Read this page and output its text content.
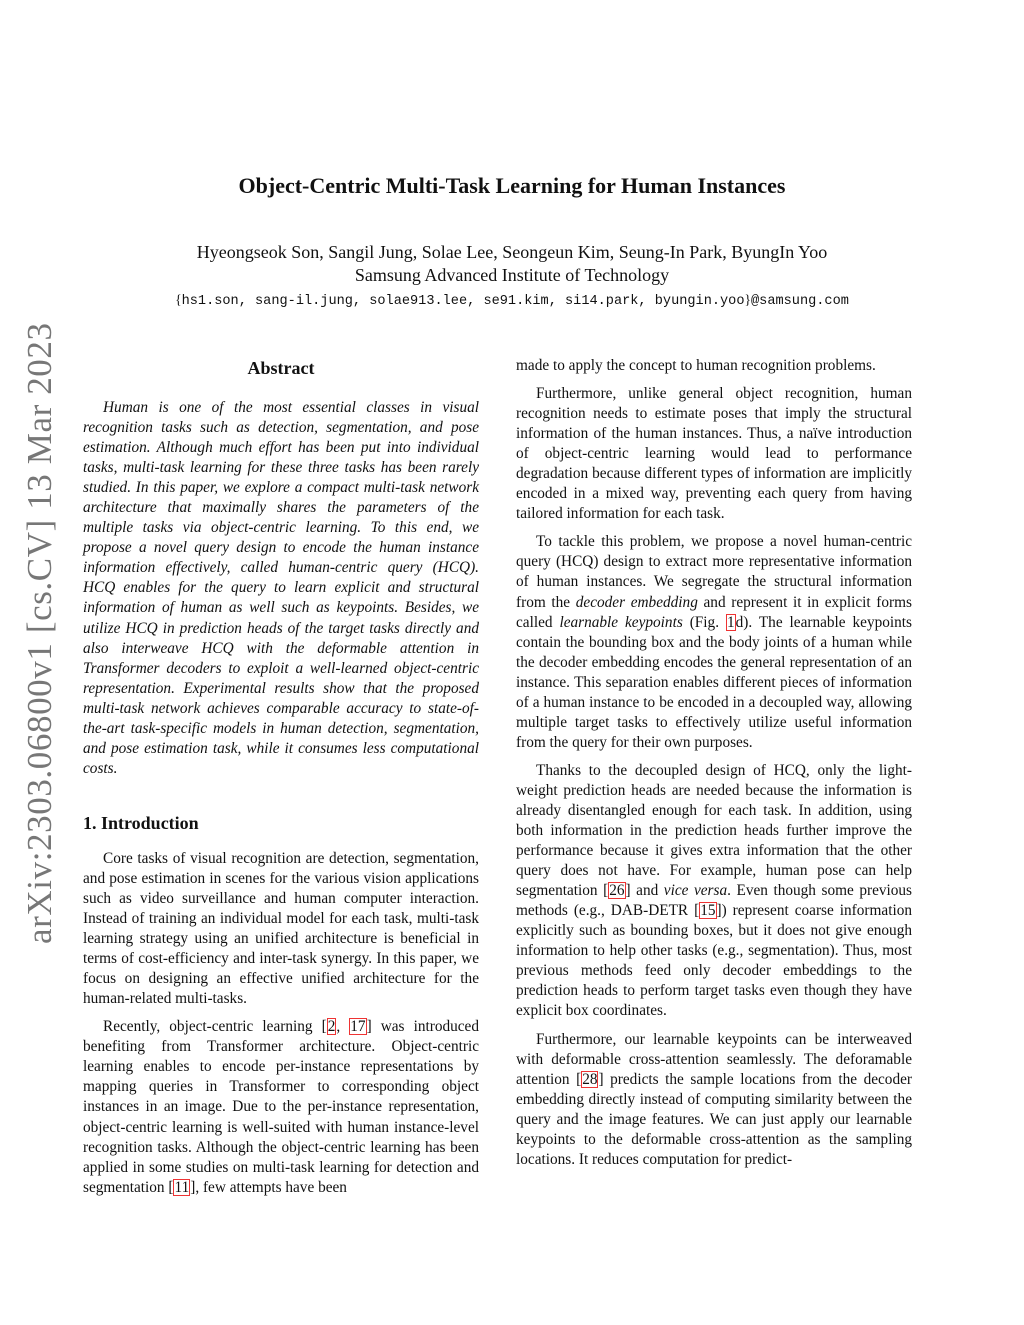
arXiv:2303.06800v1 [cs.CV] 13 Mar 2023
Object-Centric Multi-Task Learning for Human Instances
Hyeongseok Son, Sangil Jung, Solae Lee, Seongeun Kim, Seung-In Park, ByungIn Yoo
Samsung Advanced Institute of Technology
{hs1.son, sang-il.jung, solae913.lee, se91.kim, si14.park, byungin.yoo}@samsung.com
Abstract

Human is one of the most essential classes in visual recognition tasks such as detection, segmentation, and pose estimation. Although much effort has been put into individual tasks, multi-task learning for these three tasks has been rarely studied. In this paper, we explore a compact multi-task network architecture that maximally shares the parameters of the multiple tasks via object-centric learning. To this end, we propose a novel query design to encode the human instance information effectively, called human-centric query (HCQ). HCQ enables for the query to learn explicit and structural information of human as well such as keypoints. Besides, we utilize HCQ in prediction heads of the target tasks directly and also interweave HCQ with the deformable attention in Transformer decoders to exploit a well-learned object-centric representation. Experimental results show that the proposed multi-task network achieves comparable accuracy to state-of-the-art task-specific models in human detection, segmentation, and pose estimation task, while it consumes less computational costs.

1. Introduction

Core tasks of visual recognition are detection, segmentation, and pose estimation in scenes for the various vision applications such as video surveillance and human computer interaction. Instead of training an individual model for each task, multi-task learning strategy using an unified architecture is beneficial in terms of cost-efficiency and inter-task synergy. In this paper, we focus on designing an effective unified architecture for the human-related multi-tasks.

Recently, object-centric learning [2, 17] was introduced benefiting from Transformer architecture. Object-centric learning enables to encode per-instance representations by mapping queries in Transformer to corresponding object instances in an image. Due to the per-instance representation, object-centric learning is well-suited with human instance-level recognition tasks. Although the object-centric learning has been applied in some studies on multi-task learning for detection and segmentation [11], few attempts have been

made to apply the concept to human recognition problems.

Furthermore, unlike general object recognition, human recognition needs to estimate poses that imply the structural information of the human instances. Thus, a naïve introduction of object-centric learning would lead to performance degradation because different types of information are implicitly encoded in a mixed way, preventing each query from having tailored information for each task.

To tackle this problem, we propose a novel human-centric query (HCQ) design to extract more representative information of human instances. We segregate the structural information from the decoder embedding and represent it in explicit forms called learnable keypoints (Fig. 1d). The learnable keypoints contain the bounding box and the body joints of a human while the decoder embedding encodes the general representation of an instance. This separation enables different pieces of information of a human instance to be encoded in a decoupled way, allowing multiple target tasks to effectively utilize useful information from the query for their own purposes.

Thanks to the decoupled design of HCQ, only the light-weight prediction heads are needed because the information is already disentangled enough for each task. In addition, using both information in the prediction heads further improve the performance because it gives extra information that the other query does not have. For example, human pose can help segmentation [26] and vice versa. Even though some previous methods (e.g., DAB-DETR [15]) represent coarse information explicitly such as bounding boxes, but it does not give enough information to help other tasks (e.g., segmentation). Thus, most previous methods feed only decoder embeddings to the prediction heads to perform target tasks even though they have explicit box coordinates.

Furthermore, our learnable keypoints can be interweaved with deformable cross-attention seamlessly. The deforamable attention [28] predicts the sample locations from the decoder embedding directly instead of computing similarity between the query and the image features. We can just apply our learnable keypoints to the deformable cross-attention as the sampling locations. It reduces computation for predict-
